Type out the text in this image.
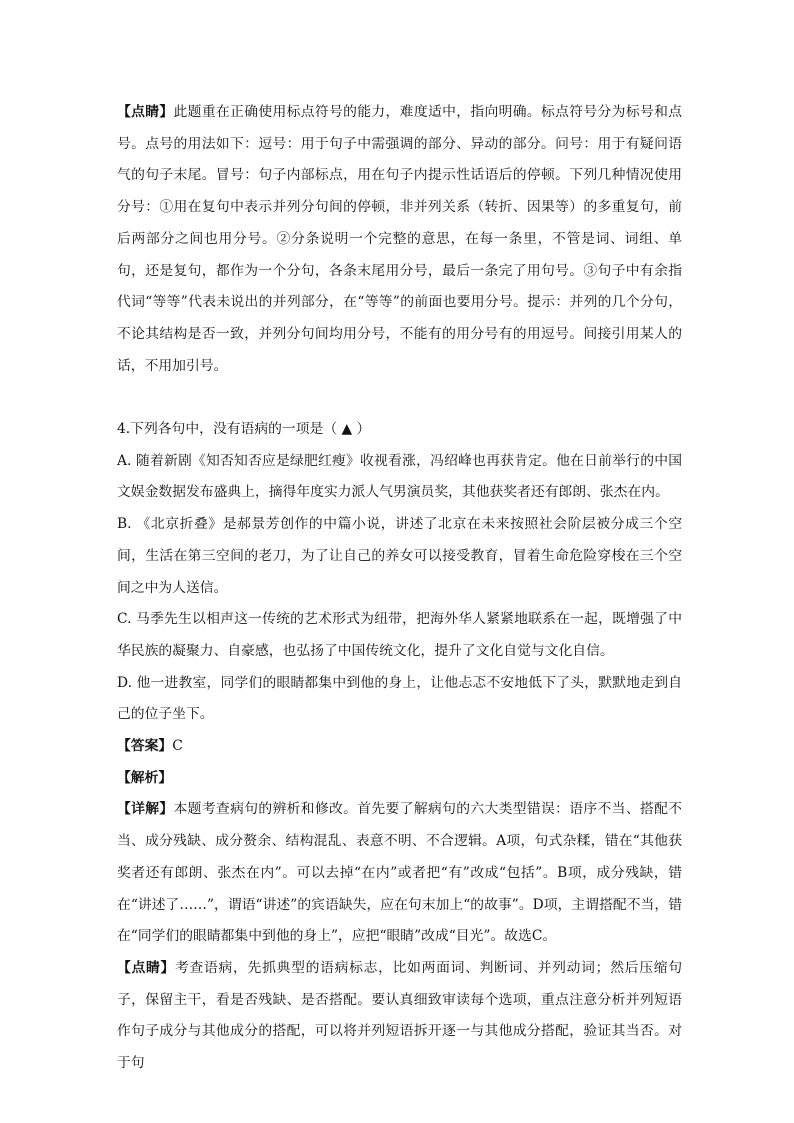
【点睛】此题重在正确使用标点符号的能力，难度适中，指向明确。标点符号分为标号和点号。点号的用法如下：逗号：用于句子中需强调的部分、异动的部分。问号：用于有疑问语气的句子末尾。冒号：句子内部标点，用在句子内提示性话语后的停顿。下列几种情况使用分号：①用在复句中表示并列分句间的停顿，非并列关系（转折、因果等）的多重复句，前后两部分之间也用分号。②分条说明一个完整的意思，在每一条里，不管是词、词组、单句，还是复句，都作为一个分句，各条末尾用分号，最后一条完了用句号。③句子中有余指代词“等等”代表未说出的并列部分，在“等等”的前面也要用分号。提示：并列的几个分句，不论其结构是否一致，并列分句间均用分号，不能有的用分号有的用逗号。间接引用某人的话，不用加引号。

4.下列各句中，没有语病的一项是（ ▲ ）

A. 随着新剧《知否知否应是绿肥红瘦》收视看涨，冯绍峰也再获肯定。他在日前举行的中国文娱金数据发布盛典上，摘得年度实力派人气男演员奖，其他获奖者还有郎朗、张杰在内。

B. 《北京折叠》是郝景芳创作的中篇小说，讲述了北京在未来按照社会阶层被分成三个空间，生活在第三空间的老刀，为了让自己的养女可以接受教育，冒着生命危险穿梭在三个空间之中为人送信。

C. 马季先生以相声这一传统的艺术形式为纽带，把海外华人紧紧地联系在一起，既增强了中华民族的凝聚力、自豪感，也弘扬了中国传统文化，提升了文化自觉与文化自信。

D. 他一进教室，同学们的眼睛都集中到他的身上，让他忐忑不安地低下了头，默默地走到自己的位子坐下。

【答案】C

【解析】

【详解】本题考查病句的辨析和修改。首先要了解病句的六大类型错误：语序不当、搭配不当、成分残缺、成分赘余、结构混乱、表意不明、不合逻辑。A项，句式杂糅，错在“其他获奖者还有郎朗、张杰在内”。可以去掉“在内”或者把“有”改成“包括”。B项，成分残缺，错在“讲述了……”，谓语“讲述”的宾语缺失，应在句末加上“的故事”。D项，主谓搭配不当，错在“同学们的眼睛都集中到他的身上”，应把“眼睛”改成“目光”。故选C。

【点睛】考查语病，先抓典型的语病标志，比如两面词、判断词、并列动词；然后压缩句子，保留主干，看是否残缺、是否搭配。要认真细致审读每个选项，重点注意分析并列短语作句子成分与其他成分的搭配，可以将并列短语拆开逐一与其他成分搭配，验证其当否。对于句
